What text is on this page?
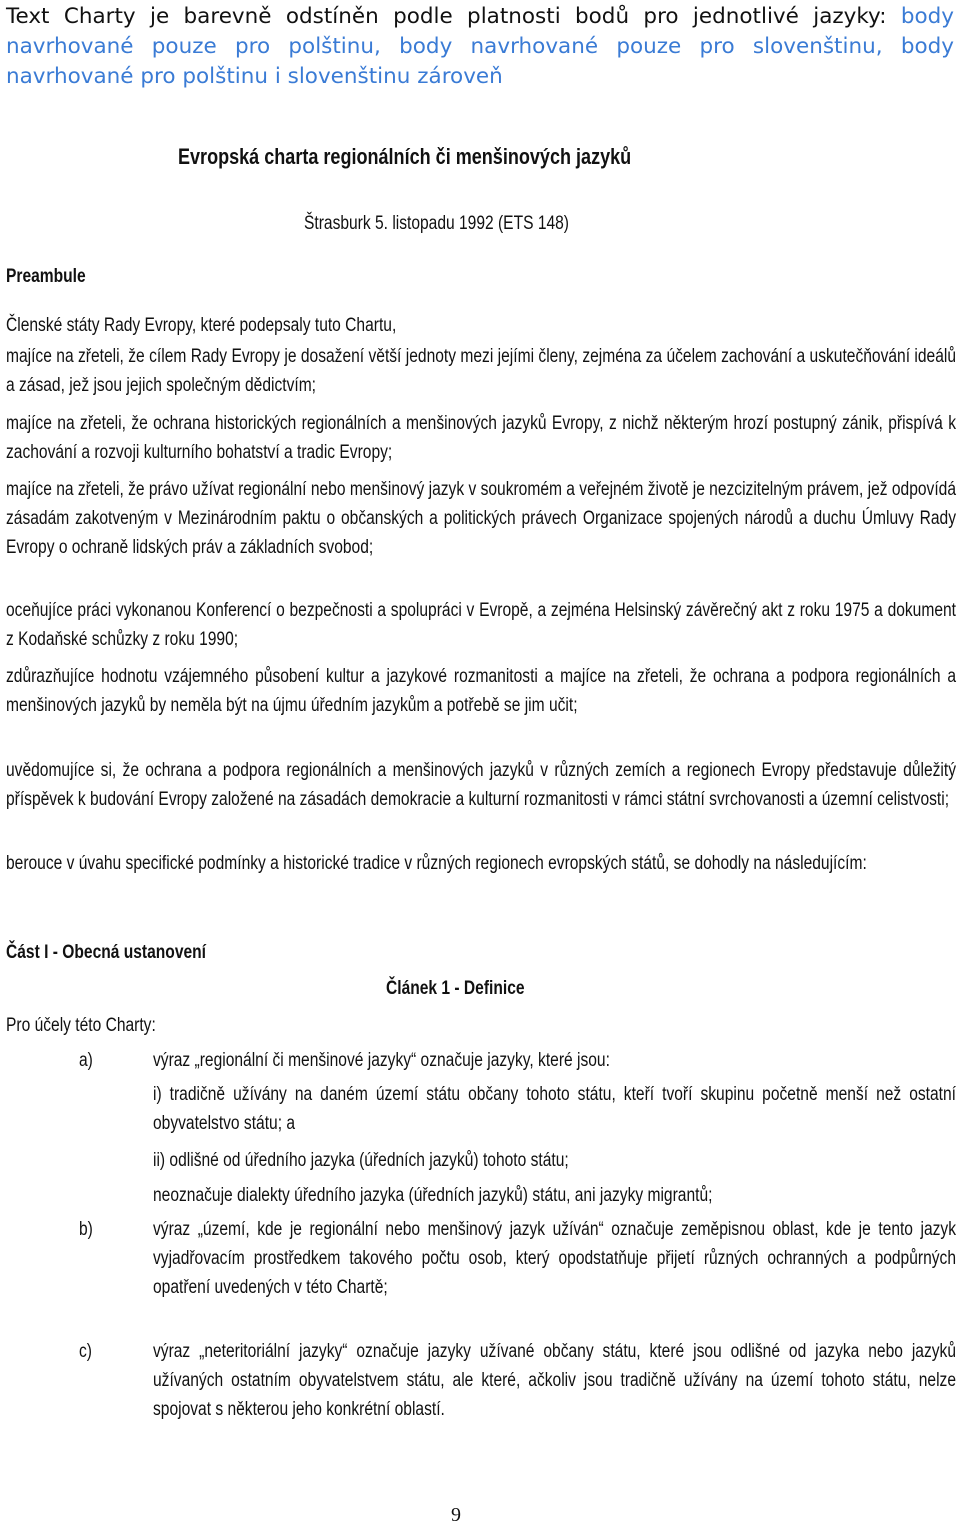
Text Charty je barevně odstíněn podle platnosti bodů pro jednotlivé jazyky: body navrhované pouze pro polštinu, body navrhované pouze pro slovenštinu, body navrhované pro polštinu i slovenštinu zároveň
Evropská charta regionálních či menšinových jazyků
Štrasburk 5. listopadu 1992 (ETS 148)
Preambule
Členské státy Rady Evropy, které podepsaly tuto Chartu,
majíce na zřeteli, že cílem Rady Evropy je dosažení větší jednoty mezi jejími členy, zejména za účelem zachování a uskutečňování ideálů a zásad, jež jsou jejich společným dědictvím;
majíce na zřeteli, že ochrana historických regionálních a menšinových jazyků Evropy, z nichž některým hrozí postupný zánik, přispívá k zachování a rozvoji kulturního bohatství a tradic Evropy;
majíce na zřeteli, že právo užívat regionální nebo menšinový jazyk v soukromém a veřejném životě je nezcizitelným právem, jež odpovídá zásadám zakotveným v Mezinárodním paktu o občanských a politických právech Organizace spojených národů a duchu Úmluvy Rady Evropy o ochraně lidských práv a základních svobod;
oceňujíce práci vykonanou Konferencí o bezpečnosti a spolupráci v Evropě, a zejména Helsinský závěrečný akt z roku 1975 a dokument z Kodaňské schůzky z roku 1990;
zdůrazňujíce hodnotu vzájemného působení kultur a jazykové rozmanitosti a majíce na zřeteli, že ochrana a podpora regionálních a menšinových jazyků by neměla být na újmu úředním jazykům a potřebě se jim učit;
uvědomujíce si, že ochrana a podpora regionálních a menšinových jazyků v různých zemích a regionech Evropy představuje důležitý příspěvek k budování Evropy založené na zásadách demokracie a kulturní rozmanitosti v rámci státní svrchovanosti a územní celistvosti;
berouce v úvahu specifické podmínky a historické tradice v různých regionech evropských států, se dohodly na následujícím:
Část I - Obecná ustanovení
Článek 1 - Definice
Pro účely této Charty:
a)	výraz „regionální či menšinové jazyky“ označuje jazyky, které jsou:
i) tradičně užívány na daném území státu občany tohoto státu, kteří tvoří skupinu početně menší než ostatní obyvatelstvo státu; a
ii) odlišné od úředního jazyka (úředních jazyků) tohoto státu;
neoznačuje dialekty úředního jazyka (úředních jazyků) státu, ani jazyky migrantů;
b)	výraz „území, kde je regionální nebo menšinový jazyk užíván“ označuje zeměpisnou oblast, kde je tento jazyk vyjadřovacím prostředkem takového počtu osob, který opodstatňuje přijetí různých ochranných a podpůrných opatření uvedených v této Chartě;
c)	výraz „neteritoriální jazyky“ označuje jazyky užívané občany státu, které jsou odlišné od jazyka nebo jazyků užívaných ostatním obyvatelstvem státu, ale které, ačkoliv jsou tradičně užívány na území tohoto státu, nelze spojovat s některou jeho konkrétní oblastí.
9
